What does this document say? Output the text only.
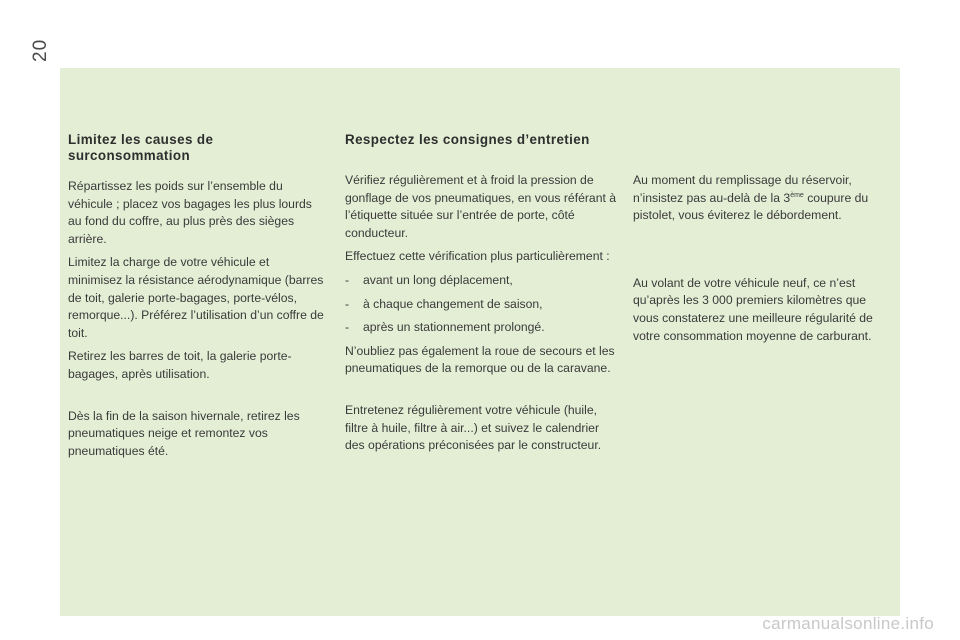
20
Limitez les causes de surconsommation

Répartissez les poids sur l’ensemble du véhicule ; placez vos bagages les plus lourds au fond du coffre, au plus près des sièges arrière.

Limitez la charge de votre véhicule et minimisez la résistance aérodynamique (barres de toit, galerie porte-bagages, porte-vélos, remorque...). Préférez l’utilisation d’un coffre de toit.

Retirez les barres de toit, la galerie porte-bagages, après utilisation.

Dès la fin de la saison hivernale, retirez les pneumatiques neige et remontez vos pneumatiques été.

Respectez les consignes d’entretien

Vérifiez régulièrement et à froid la pression de gonflage de vos pneumatiques, en vous référant à l’étiquette située sur l’entrée de porte, côté conducteur.

Effectuez cette vérification plus particulièrement :

- avant un long déplacement,
- à chaque changement de saison,
- après un stationnement prolongé.

N’oubliez pas également la roue de secours et les pneumatiques de la remorque ou de la caravane.

Entretenez régulièrement votre véhicule (huile, filtre à huile, filtre à air...) et suivez le calendrier des opérations préconisées par le constructeur.

Au moment du remplissage du réservoir, n’insistez pas au-delà de la 3ème coupure du pistolet, vous éviterez le débordement.

Au volant de votre véhicule neuf, ce n’est qu’après les 3 000 premiers kilomètres que vous constaterez une meilleure régularité de votre consommation moyenne de carburant.

carmanualsonline.info
